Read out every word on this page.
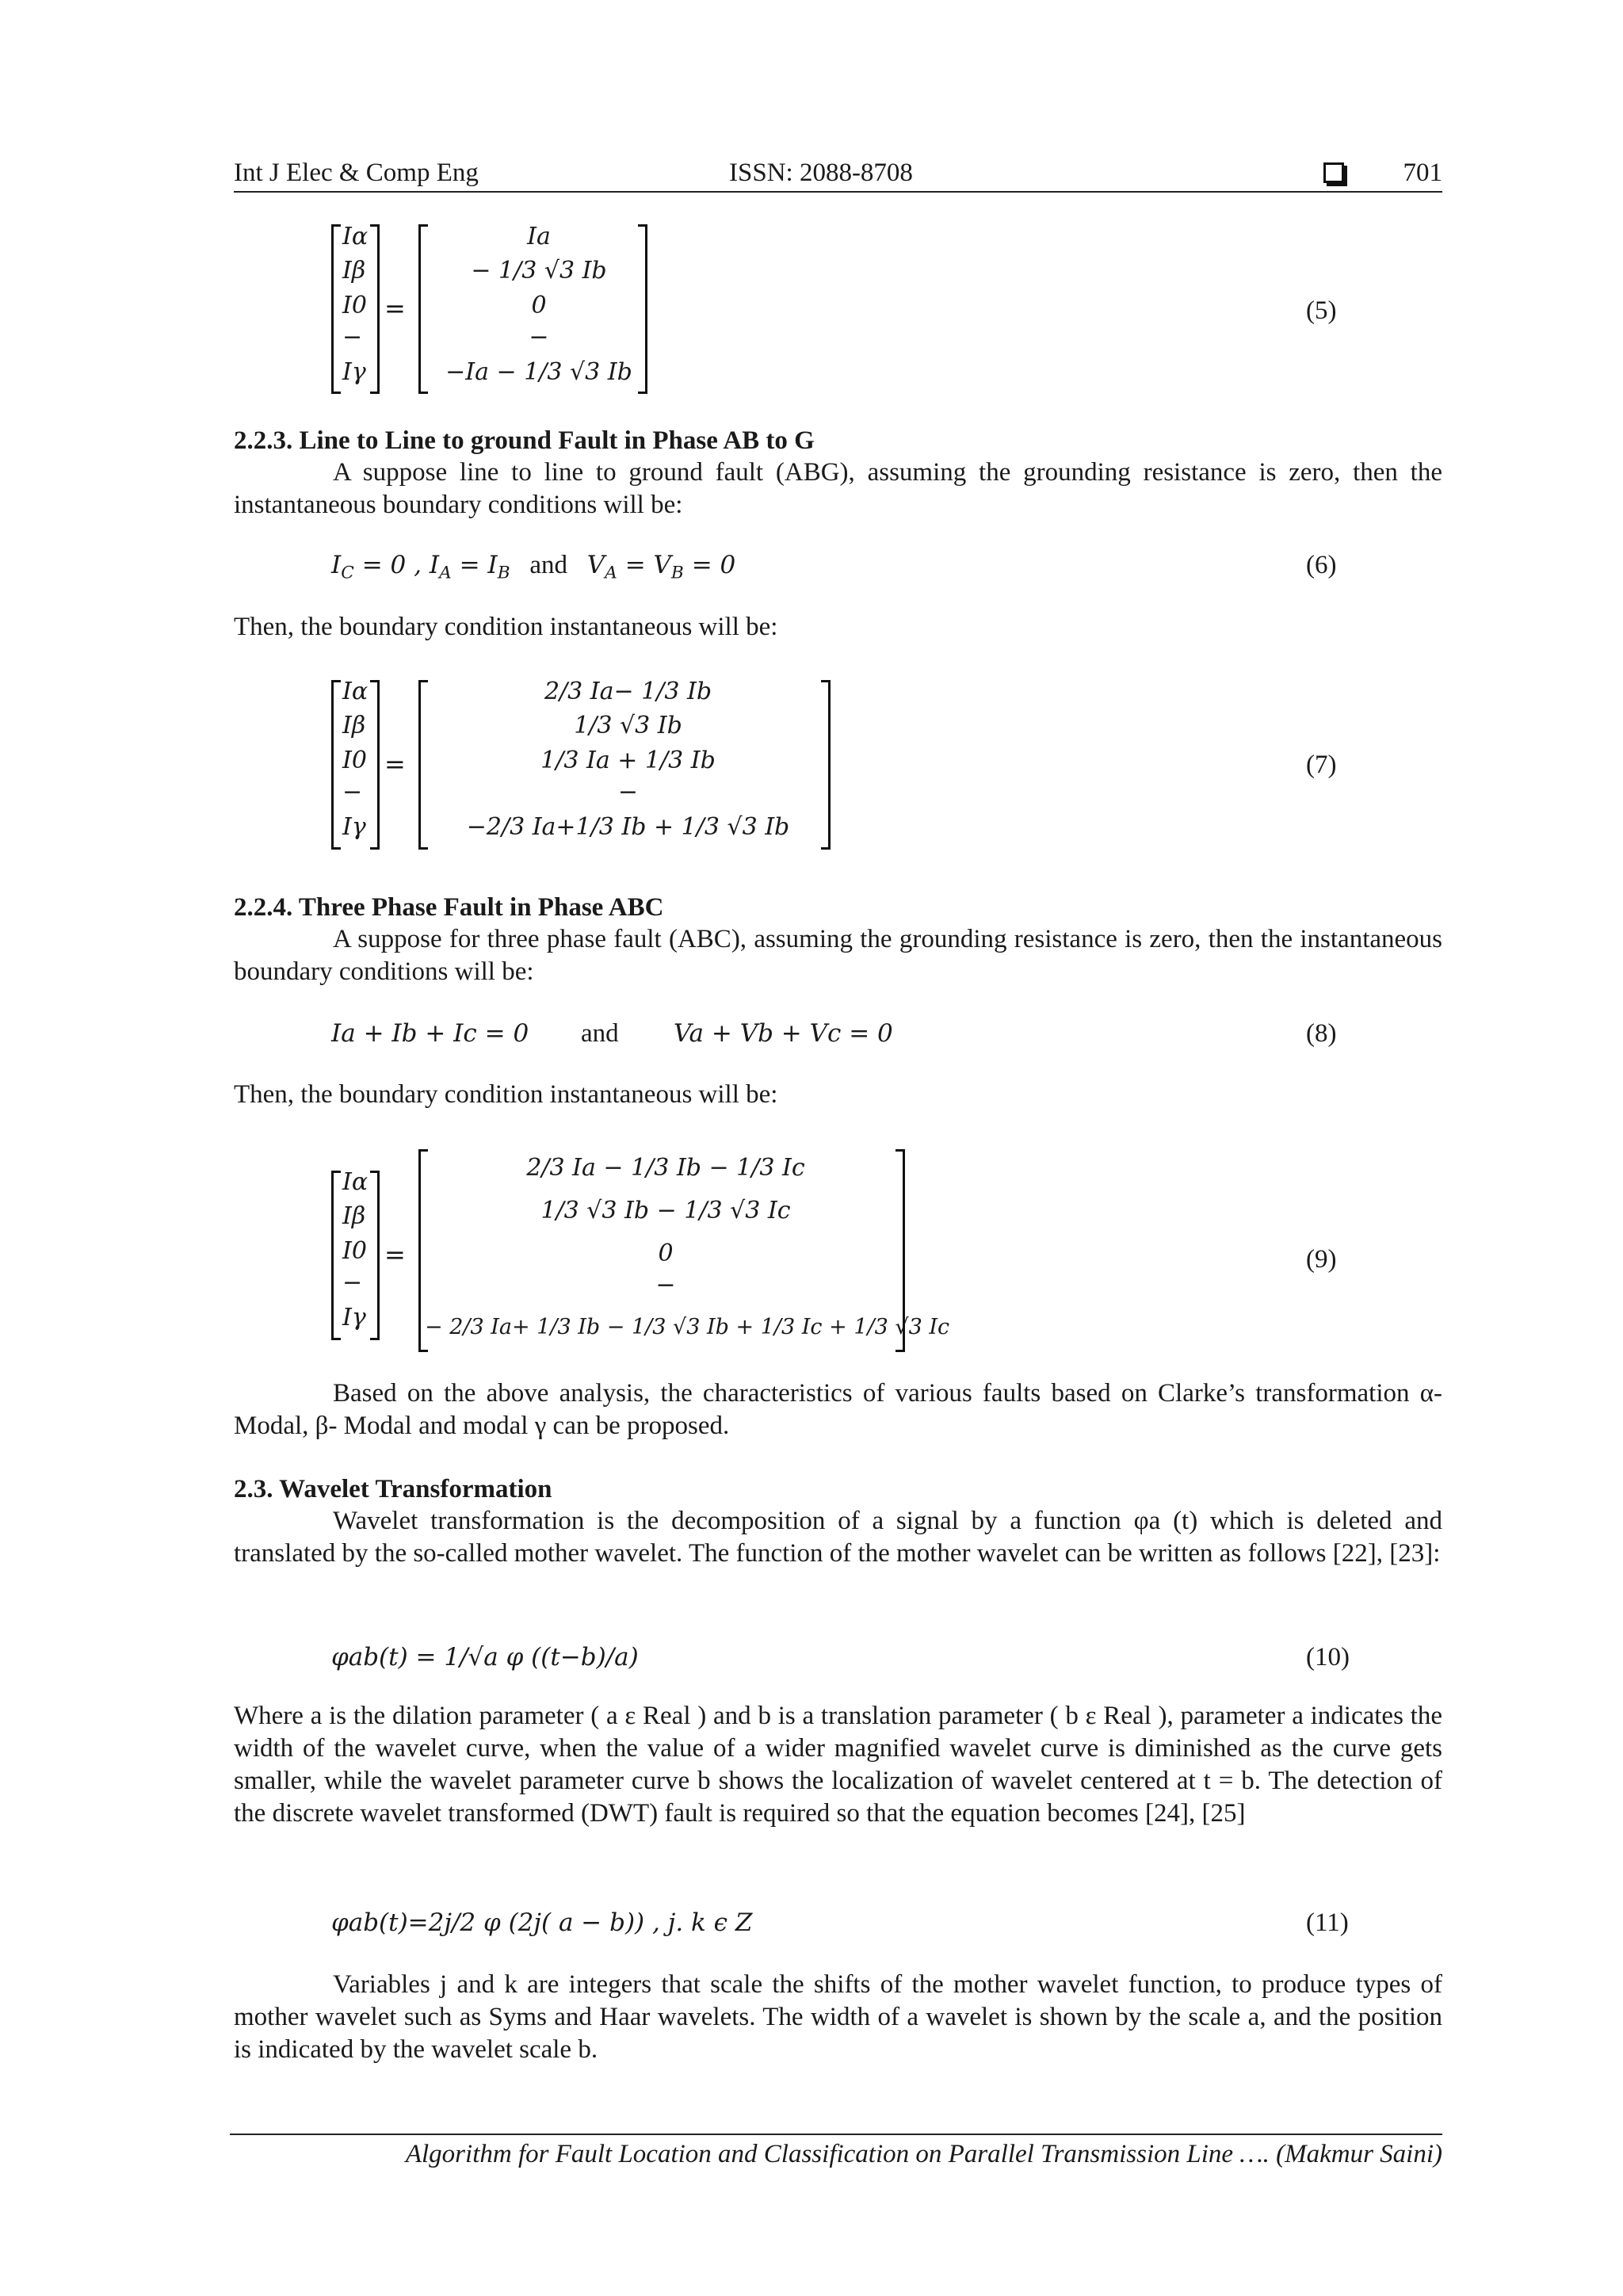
Int J Elec & Comp Eng	ISSN: 2088-8708	701
Iα
Iβ
I0
−
Iγ
=
Ia
− 1/3 √3 Ib
0
−
−Ia − 1/3 √3 Ib
(5)
2.2.3. Line to Line to ground Fault in Phase AB to G
A suppose line to line to ground fault (ABG), assuming the grounding resistance is zero, then the instantaneous boundary conditions will be:
$I_C = 0$ , $I_A = I_B$   and   $V_A = V_B = 0$	(6)
Then, the boundary condition instantaneous will be:
Iα
Iβ
I0
−
Iγ
=
2/3 Ia− 1/3 Ib
1/3 √3 Ib
1/3 Ia + 1/3 Ib
−
−2/3 Ia+1/3 Ib + 1/3 √3 Ib
(7)
2.2.4. Three Phase Fault in Phase ABC
A suppose for three phase fault (ABC), assuming the grounding resistance is zero, then the instantaneous boundary conditions will be:
Ia + Ib + Ic = 0 and Va + Vb + Vc = 0	(8)
Then, the boundary condition instantaneous will be:
Iα
Iβ
I0
−
Iγ
=
2/3 Ia − 1/3 Ib − 1/3 Ic
1/3 √3 Ib − 1/3 √3 Ic
0
−
− 2/3 Ia+ 1/3 Ib − 1/3 √3 Ib + 1/3 Ic + 1/3 √3 Ic
(9)
Based on the above analysis, the characteristics of various faults based on Clarke’s transformation α- Modal, β- Modal and modal γ can be proposed.
2.3. Wavelet Transformation
Wavelet transformation is the decomposition of a signal by a function φa (t) which is deleted and translated by the so-called mother wavelet. The function of the mother wavelet can be written as follows [22], [23]:
φab(t) = 1/√a φ ((t−b)/a)	(10)
Where a is the dilation parameter ( a ε Real ) and b is a translation parameter ( b ε Real ), parameter a indicates the width of the wavelet curve, when the value of a wider magnified wavelet curve is diminished as the curve gets smaller, while the wavelet parameter curve b shows the localization of wavelet centered at t = b. The detection of the discrete wavelet transformed (DWT) fault is required so that the equation becomes [24], [25]
φab(t)=2j/2 φ (2j( a − b)) , j. k ϵ Z	(11)
Variables j and k are integers that scale the shifts of the mother wavelet function, to produce types of mother wavelet such as Syms and Haar wavelets. The width of a wavelet is shown by the scale a, and the position is indicated by the wavelet scale b.
Algorithm for Fault Location and Classification on Parallel Transmission Line …. (Makmur Saini)
